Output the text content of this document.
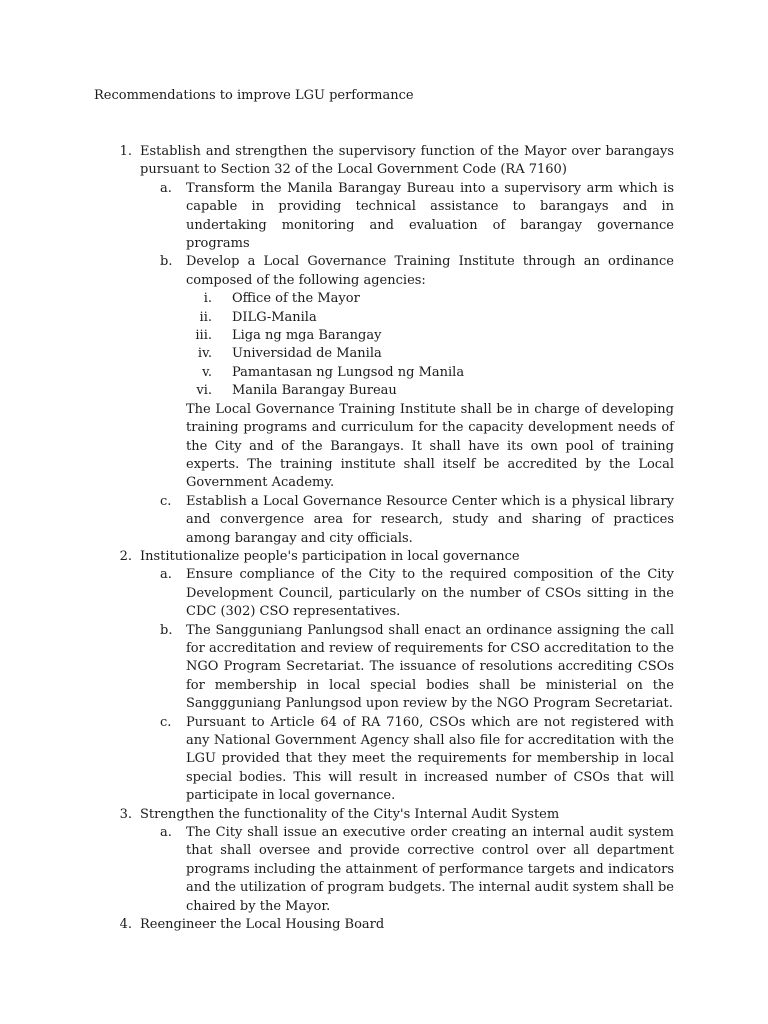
Recommendations to improve LGU performance
1. Establish and strengthen the supervisory function of the Mayor over barangays pursuant to Section 32 of the Local Government Code (RA 7160)
a. Transform the Manila Barangay Bureau into a supervisory arm which is capable in providing technical assistance to barangays and in undertaking monitoring and evaluation of barangay governance programs
b. Develop a Local Governance Training Institute through an ordinance composed of the following agencies:
i. Office of the Mayor
ii. DILG-Manila
iii. Liga ng mga Barangay
iv. Universidad de Manila
v. Pamantasan ng Lungsod ng Manila
vi. Manila Barangay Bureau
The Local Governance Training Institute shall be in charge of developing training programs and curriculum for the capacity development needs of the City and of the Barangays. It shall have its own pool of training experts. The training institute shall itself be accredited by the Local Government Academy.
c. Establish a Local Governance Resource Center which is a physical library and convergence area for research, study and sharing of practices among barangay and city officials.
2. Institutionalize people's participation in local governance
a. Ensure compliance of the City to the required composition of the City Development Council, particularly on the number of CSOs sitting in the CDC (302) CSO representatives.
b. The Sangguniang Panlungsod shall enact an ordinance assigning the call for accreditation and review of requirements for CSO accreditation to the NGO Program Secretariat. The issuance of resolutions accrediting CSOs for membership in local special bodies shall be ministerial on the Sanggguniang Panlungsod upon review by the NGO Program Secretariat.
c. Pursuant to Article 64 of RA 7160, CSOs which are not registered with any National Government Agency shall also file for accreditation with the LGU provided that they meet the requirements for membership in local special bodies. This will result in increased number of CSOs that will participate in local governance.
3. Strengthen the functionality of the City's Internal Audit System
a. The City shall issue an executive order creating an internal audit system that shall oversee and provide corrective control over all department programs including the attainment of performance targets and indicators and the utilization of program budgets. The internal audit system shall be chaired by the Mayor.
4. Reengineer the Local Housing Board
